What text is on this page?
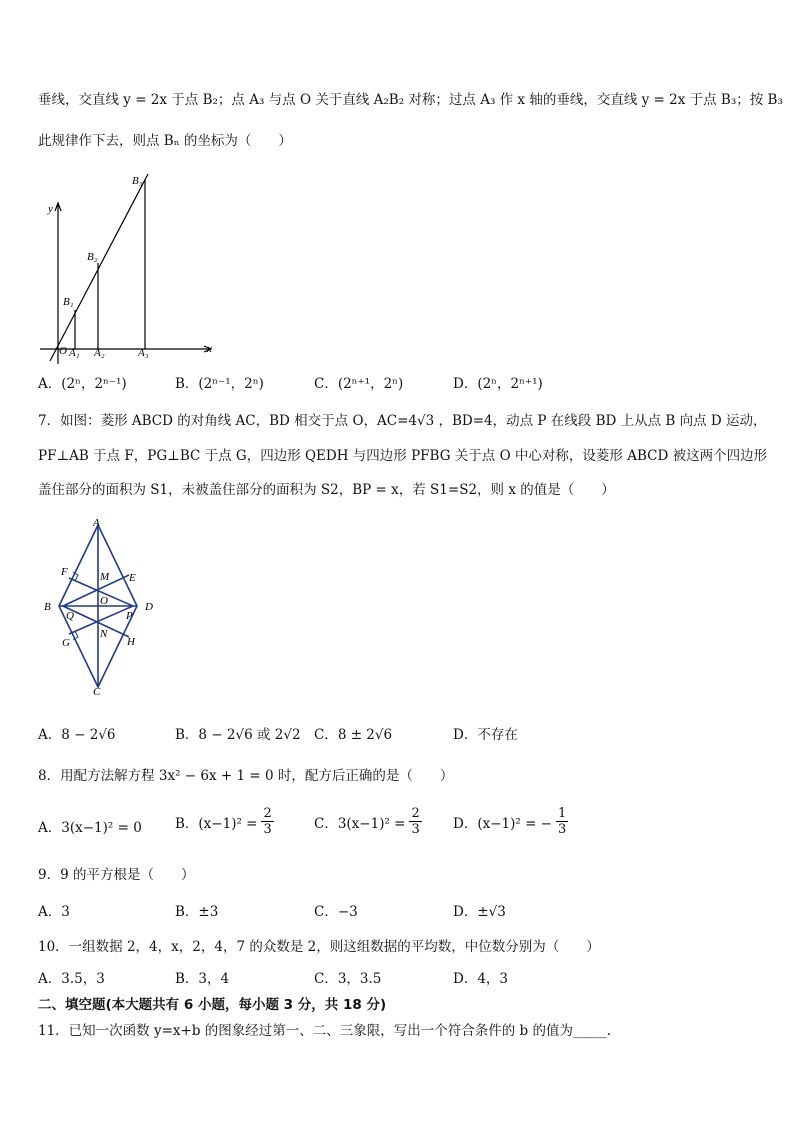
垂线，交直线 y = 2x 于点 B₂；点 A₃ 与点 O 关于直线 A₂B₂ 对称；过点 A₃ 作 x 轴的垂线，交直线 y = 2x 于点 B₃；按 B₃
此规律作下去，则点 Bₙ 的坐标为（　　）
y
x
O A₁ A₂	A₃
B₁
B₂
B₃
A．(2ⁿ，2ⁿ⁻¹)	B．(2ⁿ⁻¹，2ⁿ)	C．(2ⁿ⁺¹，2ⁿ)	D．(2ⁿ，2ⁿ⁺¹)
7．如图：菱形 ABCD 的对角线 AC，BD 相交于点 O，AC=4√3 ，BD=4，动点 P 在线段 BD 上从点 B 向点 D 运动，
PF⊥AB 于点 F，PG⊥BC 于点 G，四边形 QEDH 与四边形 PFBG 关于点 O 中心对称，设菱形 ABCD 被这两个四边形
盖住部分的面积为 S1，未被盖住部分的面积为 S2，BP = x，若 S1=S2，则 x 的值是（　　）
A
B
C
D
O
E
F
G	H
M
N
P
Q
A．8 − 2√6	B．8 − 2√6 或 2√2 C．8 ± 2√6	D．不存在
8．用配方法解方程 3x² − 6x + 1 = 0 时，配方后正确的是（　　）
A．3(x−1)² = 0 B．$(x-1)^2 = \frac{2}{3}$	C．$3(x-1)^2 = \frac{2}{3}$ D．(x−1)² = − $\frac{1}{3}$
9．9 的平方根是（　　）
A．3	B．±3	C．−3	D．±√3
10．一组数据 2，4，x，2，4，7 的众数是 2，则这组数据的平均数，中位数分别为（　　）
A．3.5，3	B．3，4	C．3，3.5	D．4，3
二、填空题(本大题共有 6 小题，每小题 3 分，共 18 分)
11．已知一次函数 y=x+b 的图象经过第一、二、三象限，写出一个符合条件的 b 的值为_____.
